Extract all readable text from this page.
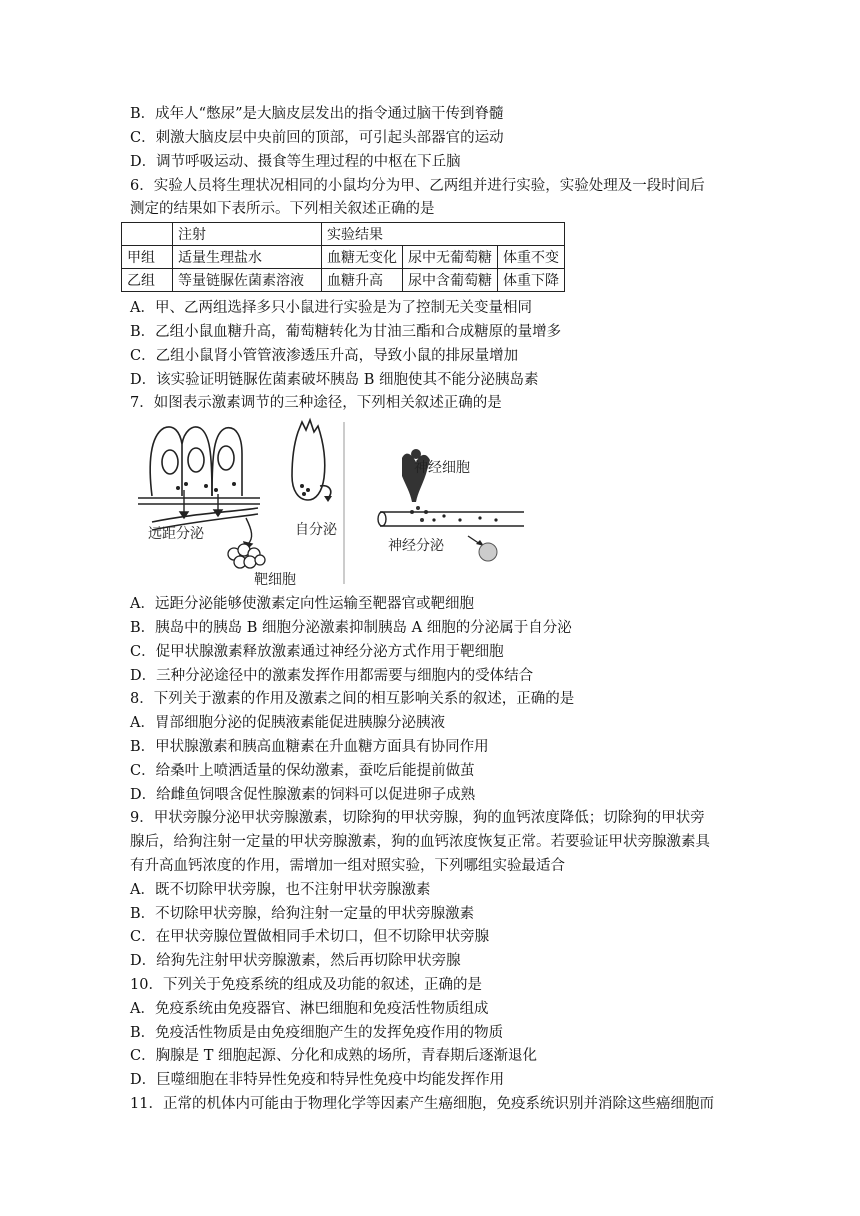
B．成年人“憋尿”是大脑皮层发出的指令通过脑干传到脊髓
C．刺激大脑皮层中央前回的顶部，可引起头部器官的运动
D．调节呼吸运动、摄食等生理过程的中枢在下丘脑
6．实验人员将生理状况相同的小鼠均分为甲、乙两组并进行实验，实验处理及一段时间后
测定的结果如下表所示。下列相关叙述正确的是
	注射	实验结果		
甲组	适量生理盐水	血糖无变化	尿中无葡萄糖	体重不变
乙组	等量链脲佐菌素溶液	血糖升高	尿中含葡萄糖	体重下降
A．甲、乙两组选择多只小鼠进行实验是为了控制无关变量相同
B．乙组小鼠血糖升高，葡萄糖转化为甘油三酯和合成糖原的量增多
C．乙组小鼠肾小管管液渗透压升高，导致小鼠的排尿量增加
D．该实验证明链脲佐菌素破坏胰岛 B 细胞使其不能分泌胰岛素
7．如图表示激素调节的三种途径，下列相关叙述正确的是
远距分泌
靶细胞
自分泌
神经细胞
神经分泌
A．远距分泌能够使激素定向性运输至靶器官或靶细胞
B．胰岛中的胰岛 B 细胞分泌激素抑制胰岛 A 细胞的分泌属于自分泌
C．促甲状腺激素释放激素通过神经分泌方式作用于靶细胞
D．三种分泌途径中的激素发挥作用都需要与细胞内的受体结合
8．下列关于激素的作用及激素之间的相互影响关系的叙述，正确的是
A．胃部细胞分泌的促胰液素能促进胰腺分泌胰液
B．甲状腺激素和胰高血糖素在升血糖方面具有协同作用
C．给桑叶上喷洒适量的保幼激素，蚕吃后能提前做茧
D．给雌鱼饲喂含促性腺激素的饲料可以促进卵子成熟
9．甲状旁腺分泌甲状旁腺激素，切除狗的甲状旁腺，狗的血钙浓度降低；切除狗的甲状旁
腺后，给狗注射一定量的甲状旁腺激素，狗的血钙浓度恢复正常。若要验证甲状旁腺激素具
有升高血钙浓度的作用，需增加一组对照实验，下列哪组实验最适合
A．既不切除甲状旁腺，也不注射甲状旁腺激素
B．不切除甲状旁腺，给狗注射一定量的甲状旁腺激素
C．在甲状旁腺位置做相同手术切口，但不切除甲状旁腺
D．给狗先注射甲状旁腺激素，然后再切除甲状旁腺
10．下列关于免疫系统的组成及功能的叙述，正确的是
A．免疫系统由免疫器官、淋巴细胞和免疫活性物质组成
B．免疫活性物质是由免疫细胞产生的发挥免疫作用的物质
C．胸腺是 T 细胞起源、分化和成熟的场所，青春期后逐渐退化
D．巨噬细胞在非特异性免疫和特异性免疫中均能发挥作用
11．正常的机体内可能由于物理化学等因素产生癌细胞，免疫系统识别并消除这些癌细胞而
